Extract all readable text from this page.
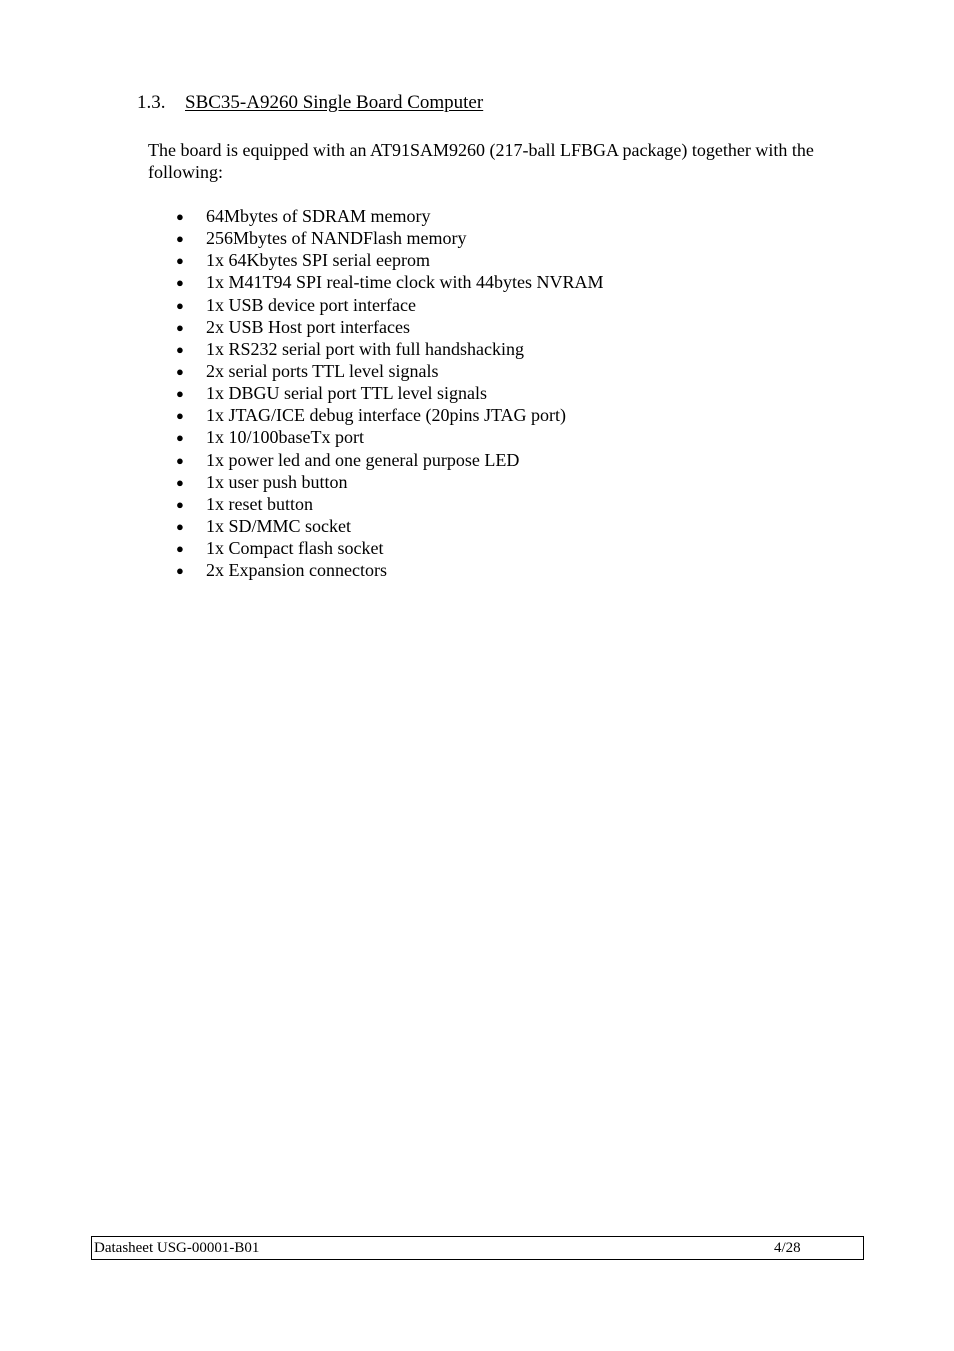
1.3. SBC35-A9260 Single Board Computer

The board is equipped with an AT91SAM9260 (217-ball LFBGA package) together with the following:

● 64Mbytes of SDRAM memory
● 256Mbytes of NANDFlash memory
● 1x 64Kbytes SPI serial eeprom
● 1x M41T94 SPI real-time clock with 44bytes NVRAM
● 1x USB device port interface
● 2x USB Host port interfaces
● 1x RS232 serial port with full handshacking
● 2x serial ports TTL level signals
● 1x DBGU serial port TTL level signals
● 1x JTAG/ICE debug interface (20pins JTAG port)
● 1x 10/100baseTx port
● 1x power led and one general purpose LED
● 1x user push button
● 1x reset button
● 1x SD/MMC socket
● 1x Compact flash socket
● 2x Expansion connectors
Datasheet USG-00001-B01	4/28
